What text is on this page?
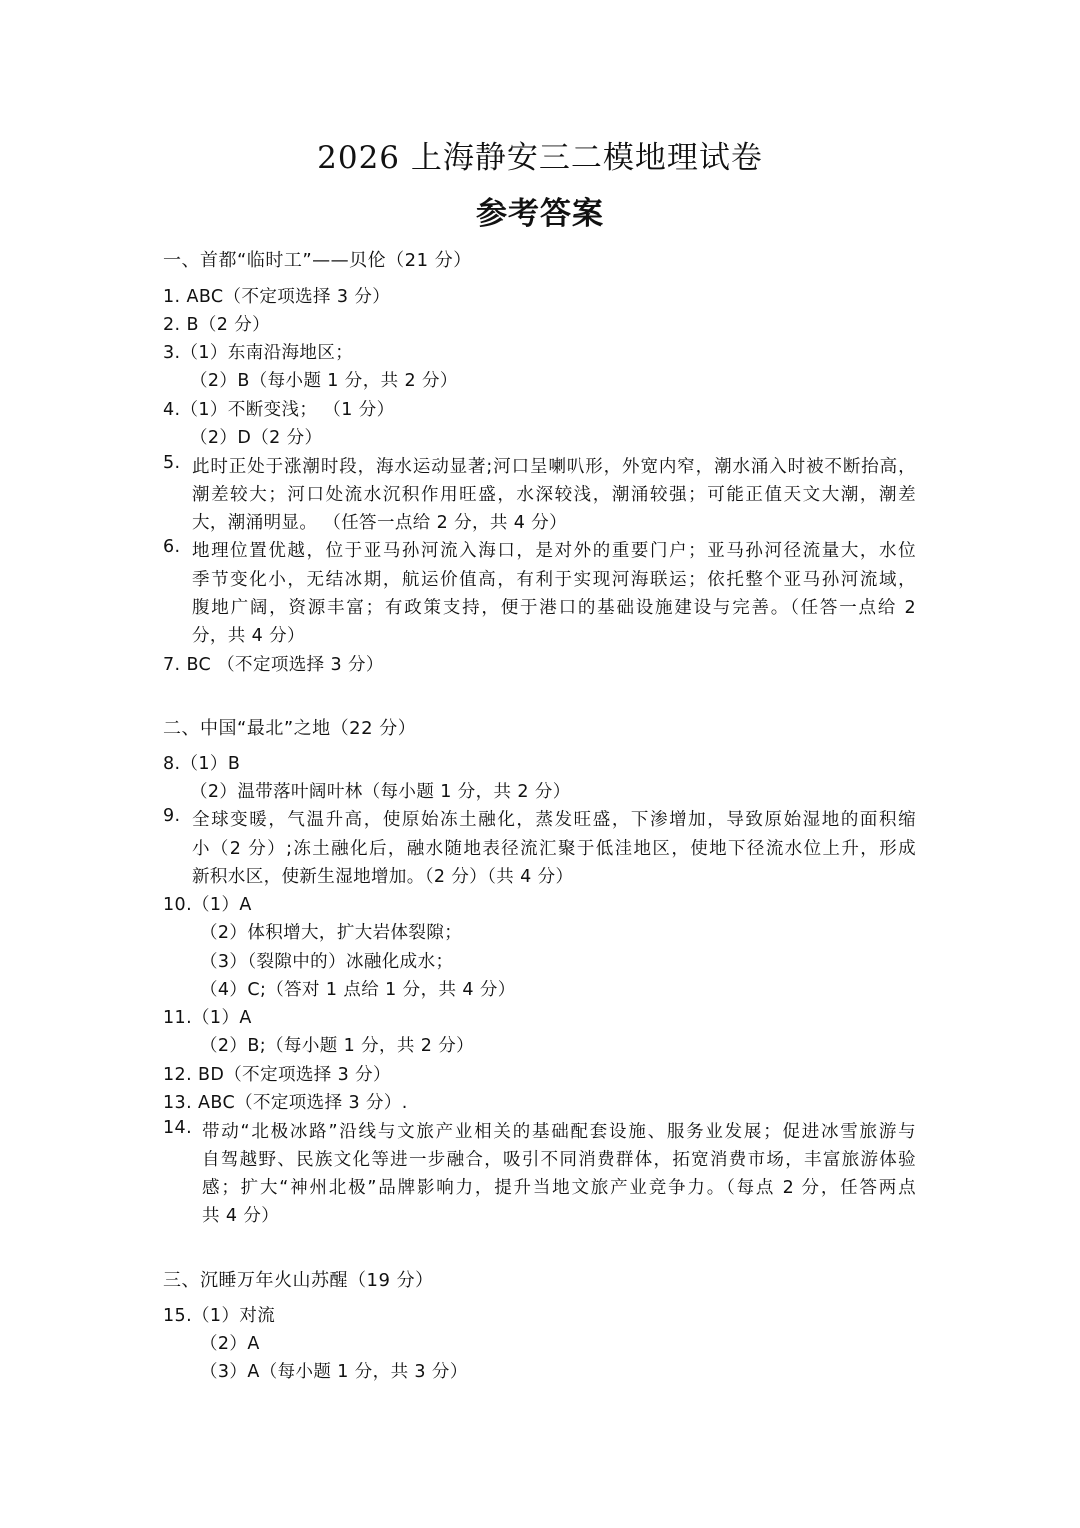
2026 上海静安三二模地理试卷
参考答案
一、首都“临时工”——贝伦（21 分）
1. ABC（不定项选择 3 分）
2. B（2 分）
3.（1）东南沿海地区；
（2）B（每小题 1 分，共 2 分）
4.（1）不断变浅； （1 分）
（2）D（2 分）
5. 此时正处于涨潮时段，海水运动显著;河口呈喇叭形，外宽内窄，潮水涌入时被不断抬高，
潮差较大；河口处流水沉积作用旺盛，水深较浅，潮涌较强；可能正值天文大潮，潮差
大，潮涌明显。 （任答一点给 2 分，共 4 分）
6. 地理位置优越，位于亚马孙河流入海口，是对外的重要门户；亚马孙河径流量大，水位
季节变化小，无结冰期，航运价值高，有利于实现河海联运；依托整个亚马孙河流域，
腹地广阔，资源丰富；有政策支持，便于港口的基础设施建设与完善。（任答一点给 2
分，共 4 分）
7. BC （不定项选择 3 分）
二、中国“最北”之地（22 分）
8.（1）B
（2）温带落叶阔叶林（每小题 1 分，共 2 分）
9. 全球变暖，气温升高，使原始冻土融化，蒸发旺盛，下渗增加，导致原始湿地的面积缩
小（2 分）;冻土融化后，融水随地表径流汇聚于低洼地区，使地下径流水位上升，形成
新积水区，使新生湿地增加。（2 分）（共 4 分）
10.（1）A
（2）体积增大，扩大岩体裂隙；
（3）（裂隙中的）冰融化成水；
（4）C;（答对 1 点给 1 分，共 4 分）
11.（1）A
（2）B;（每小题 1 分，共 2 分）
12. BD（不定项选择 3 分）
13. ABC（不定项选择 3 分）.
14. 带动“北极冰路”沿线与文旅产业相关的基础配套设施、服务业发展；促进冰雪旅游与
自驾越野、民族文化等进一步融合，吸引不同消费群体，拓宽消费市场，丰富旅游体验
感；扩大“神州北极”品牌影响力，提升当地文旅产业竞争力。（每点 2 分，任答两点
共 4 分）
三、沉睡万年火山苏醒（19 分）
15.（1）对流
（2）A
（3）A（每小题 1 分，共 3 分）
